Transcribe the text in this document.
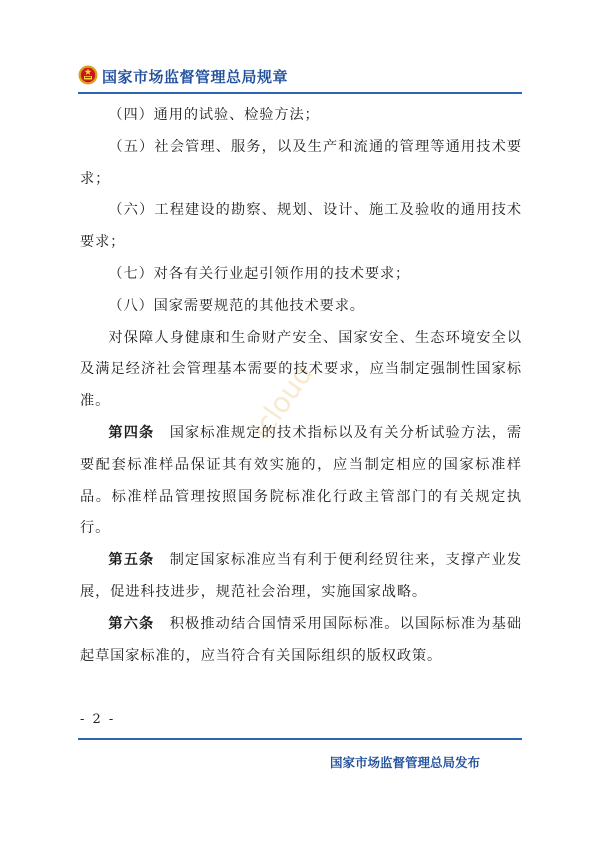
国家市场监督管理总局规章
icloud

（四）通用的试验、检验方法；

（五）社会管理、服务，以及生产和流通的管理等通用技术要求；

（六）工程建设的勘察、规划、设计、施工及验收的通用技术要求；

（七）对各有关行业起引领作用的技术要求；

（八）国家需要规范的其他技术要求。

对保障人身健康和生命财产安全、国家安全、生态环境安全以及满足经济社会管理基本需要的技术要求，应当制定强制性国家标准。

第四条　 国家标准规定的技术指标以及有关分析试验方法，需要配套标准样品保证其有效实施的，应当制定相应的国家标准样品。标准样品管理按照国务院标准化行政主管部门的有关规定执行。

第五条　 制定国家标准应当有利于便利经贸往来，支撑产业发展，促进科技进步，规范社会治理，实施国家战略。

第六条　 积极推动结合国情采用国际标准。以国际标准为基础起草国家标准的，应当符合有关国际组织的版权政策。

- 2 -
国家市场监督管理总局发布
